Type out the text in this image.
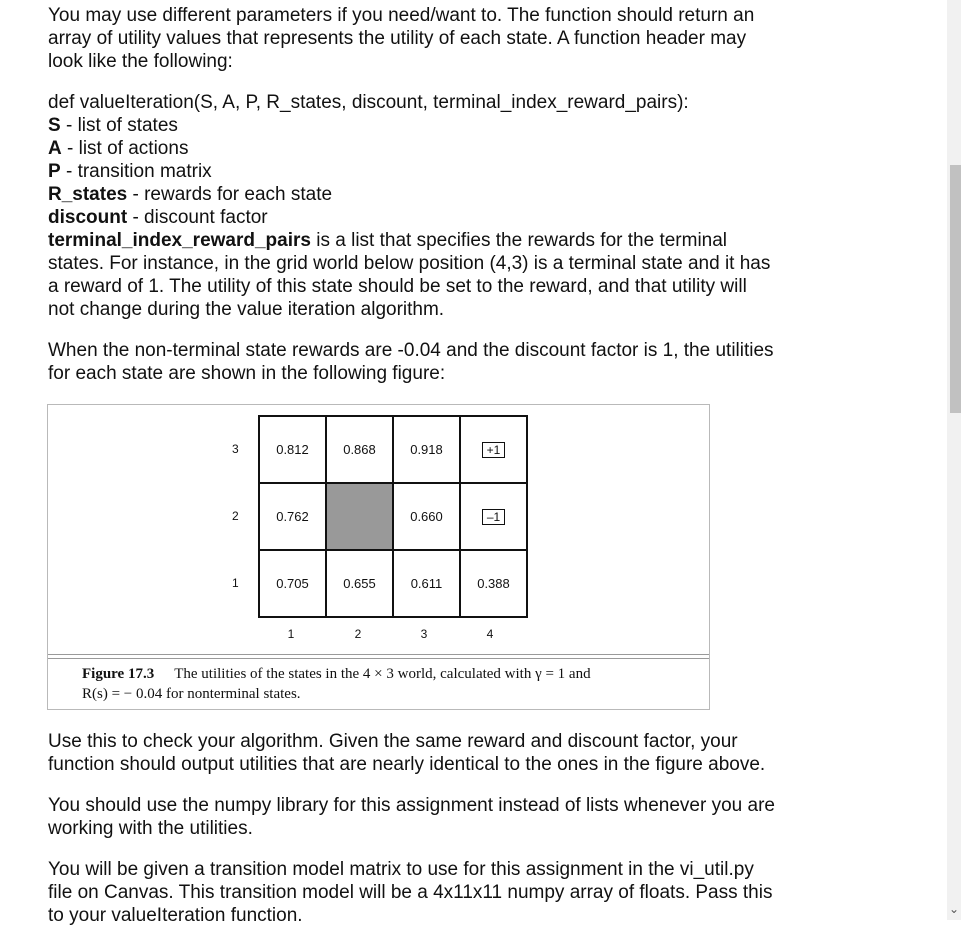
You may use different parameters if you need/want to. The function should return an
array of utility values that represents the utility of each state. A function header may
look like the following:

def valueIteration(S, A, P, R_states, discount, terminal_index_reward_pairs):

S - list of states

A - list of actions

P - transition matrix

R_states - rewards for each state

discount - discount factor

terminal_index_reward_pairs is a list that specifies the rewards for the terminal
states. For instance, in the grid world below position (4,3) is a terminal state and it has
a reward of 1. The utility of this state should be set to the reward, and that utility will
not change during the value iteration algorithm.

When the non-terminal state rewards are -0.04 and the discount factor is 1, the utilities
for each state are shown in the following figure:

3
2
1
0.812	0.868	0.918	+1
0.762		0.660	–1
0.705	0.655	0.611	0.388
1	2	3	4
Figure 17.3 The utilities of the states in the 4 × 3 world, calculated with γ = 1 and
R(s) = − 0.04 for nonterminal states.

Use this to check your algorithm. Given the same reward and discount factor, your
function should output utilities that are nearly identical to the ones in the figure above.

You should use the numpy library for this assignment instead of lists whenever you are
working with the utilities.

You will be given a transition model matrix to use for this assignment in the vi_util.py
file on Canvas. This transition model will be a 4x11x11 numpy array of floats. Pass this
to your valueIteration function.	⌄
